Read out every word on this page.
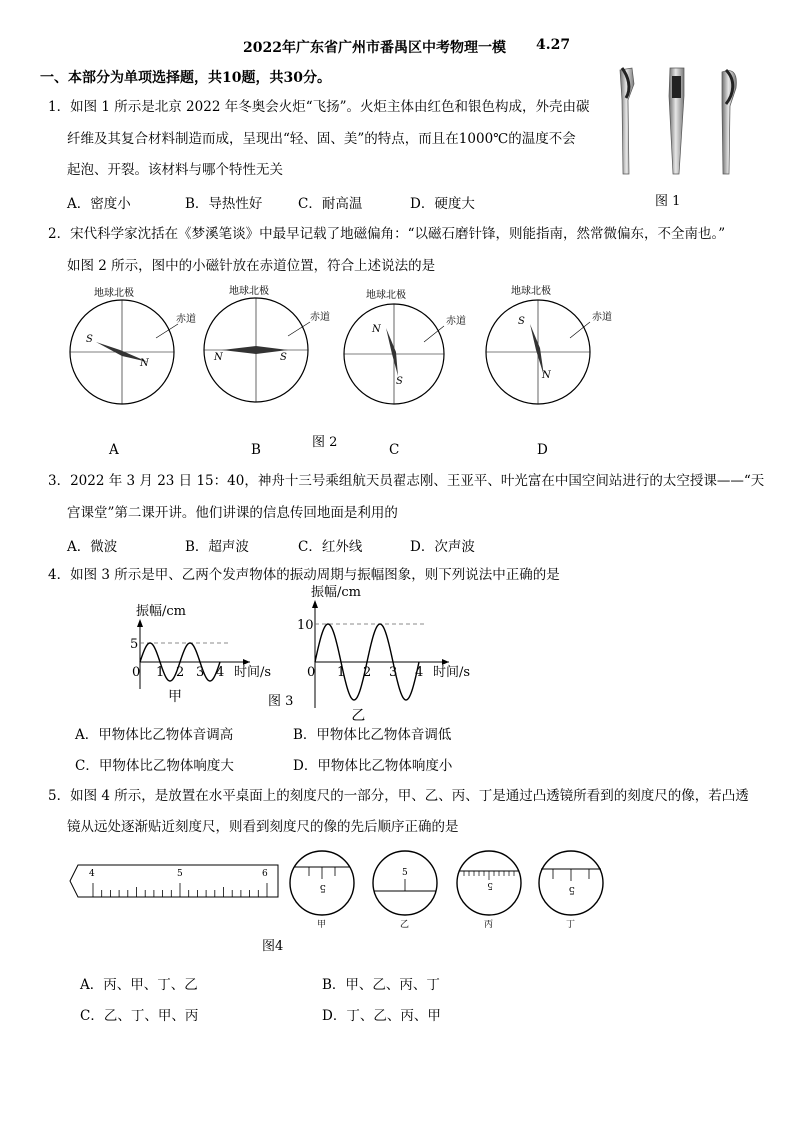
2022年广东省广州市番禺区中考物理一模 4.27
一、本部分为单项选择题，共10题，共30分。
1．如图 1 所示是北京 2022 年冬奥会火炬“飞扬”。火炬主体由红色和银色构成，外壳由碳
纤维及其复合材料制造而成，呈现出“轻、固、美”的特点，而且在1000℃的温度不会
起泡、开裂。该材料与哪个特性无关
A．密度小	B．导热性好	C．耐高温	D．硬度大	图 1
2．宋代科学家沈括在《梦溪笔谈》中最早记载了地磁偏角：“以磁石磨针锋，则能指南，然常微偏东，不全南也。”
如图 2 所示，图中的小磁针放在赤道位置，符合上述说法的是
地球北极
赤道
S
N
地球北极
赤道
N	S
地球北极
赤道
N
S
地球北极
赤道
S
N
图 2
A	B	C	D
3．2022 年 3 月 23 日 15：40，神舟十三号乘组航天员翟志刚、王亚平、叶光富在中国空间站进行的太空授课——“天
宫课堂”第二课开讲。他们讲课的信息传回地面是利用的
A．微波	B．超声波	C．红外线	D．次声波
4．如图 3 所示是甲、乙两个发声物体的振动周期与振幅图象，则下列说法中正确的是
振幅/cm
时间/s
5
0 1 2 3 4
甲
振幅/cm
时间/s
10
0 1 2 3 4
乙
图 3
A．甲物体比乙物体音调高	B．甲物体比乙物体音调低
C．甲物体比乙物体响度大	D．甲物体比乙物体响度小
5．如图 4 所示，是放置在水平桌面上的刻度尺的一部分，甲、乙、丙、丁是通过凸透镜所看到的刻度尺的像，若凸透
镜从远处逐渐贴近刻度尺，则看到刻度尺的像的先后顺序正确的是
4	5	6
5
甲
5
乙
5
丙
5
丁
图4
A．丙、甲、丁、乙	B．甲、乙、丙、丁
C．乙、丁、甲、丙	D．丁、乙、丙、甲
